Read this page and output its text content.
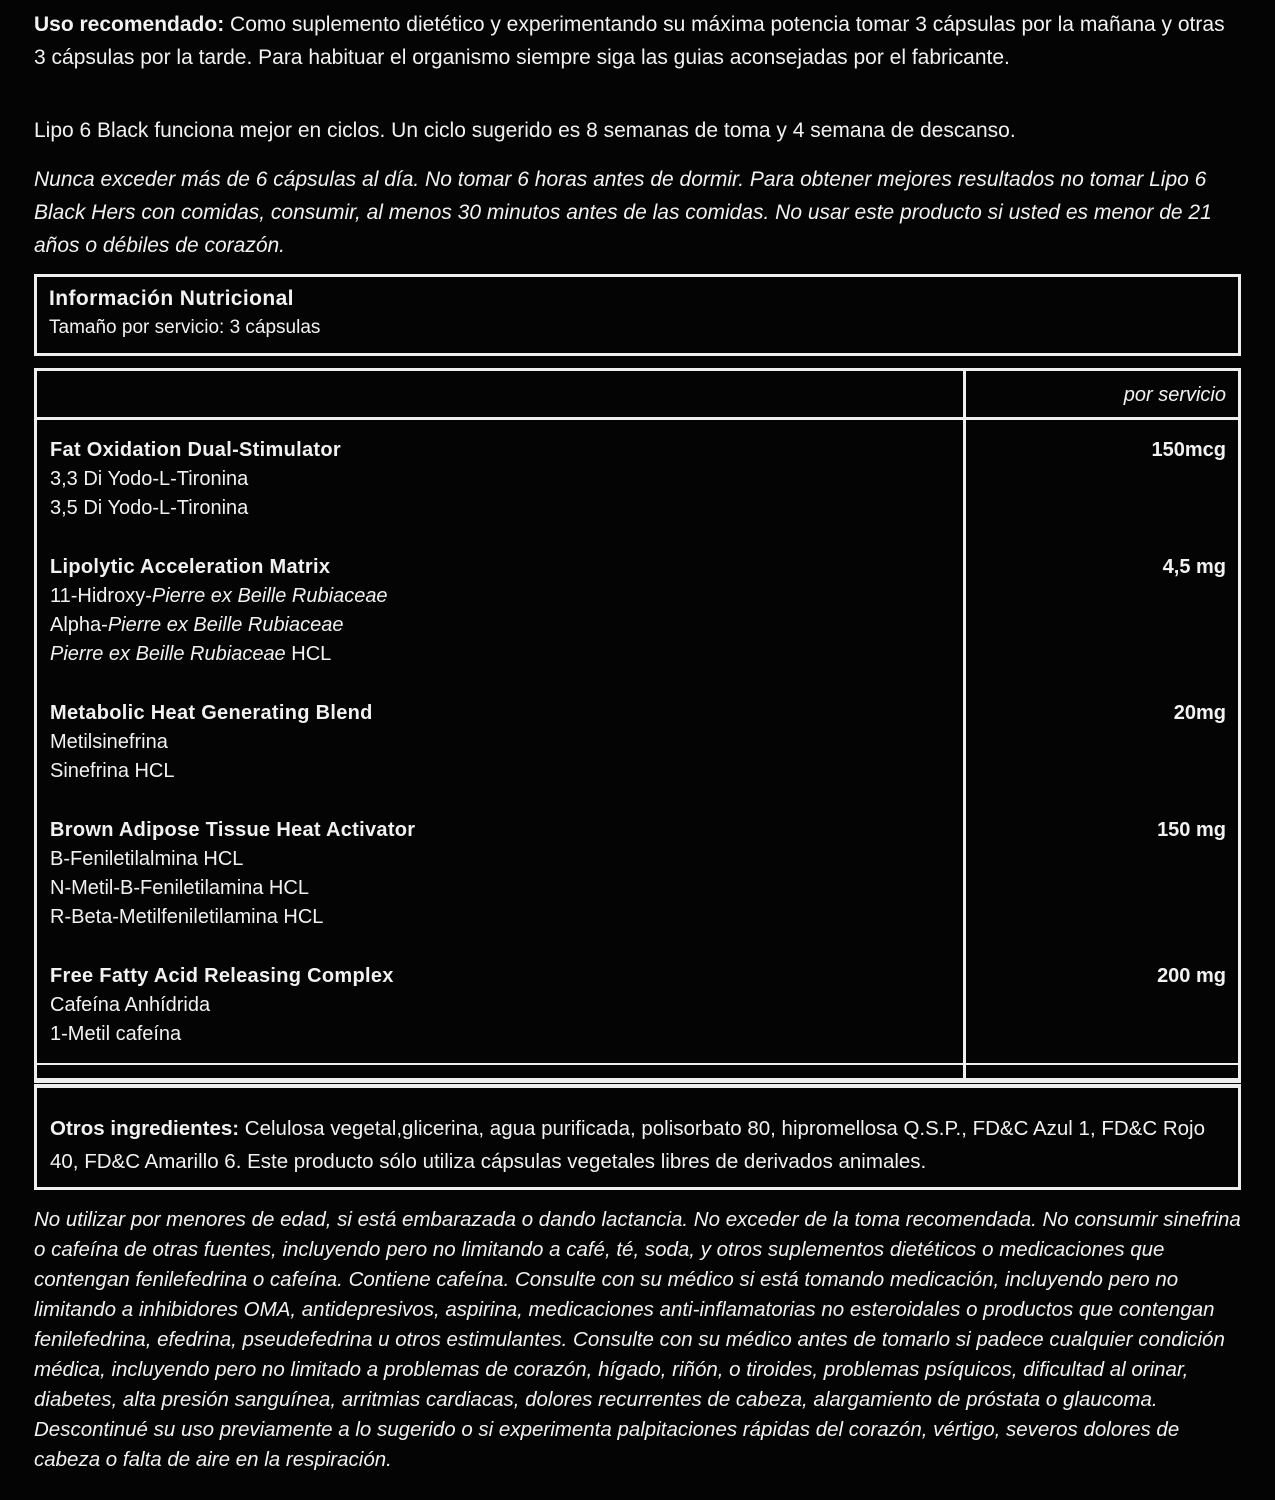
Uso recomendado: Como suplemento dietético y experimentando su máxima potencia tomar 3 cápsulas por la mañana y otras 3 cápsulas por la tarde. Para habituar el organismo siempre siga las guias aconsejadas por el fabricante.

Lipo 6 Black funciona mejor en ciclos. Un ciclo sugerido es 8 semanas de toma y 4 semana de descanso.

Nunca exceder más de 6 cápsulas al día. No tomar 6 horas antes de dormir. Para obtener mejores resultados no tomar Lipo 6 Black Hers con comidas, consumir, al menos 30 minutos antes de las comidas. No usar este producto si usted es menor de 21 años o débiles de corazón.

Información Nutricional
Tamaño por servicio: 3 cápsulas
por servicio
Fat Oxidation Dual-Stimulator
3,3 Di Yodo-L-Tironina
3,5 Di Yodo-L-Tironina
150mcg
Lipolytic Acceleration Matrix
11-Hidroxy-Pierre ex Beille Rubiaceae
Alpha-Pierre ex Beille Rubiaceae
Pierre ex Beille Rubiaceae HCL
4,5 mg
Metabolic Heat Generating Blend
Metilsinefrina
Sinefrina HCL
20mg
Brown Adipose Tissue Heat Activator
B-Feniletilalmina HCL
N-Metil-B-Feniletilamina HCL
R-Beta-Metilfeniletilamina HCL
150 mg
Free Fatty Acid Releasing Complex
Cafeína Anhídrida
1-Metil cafeína
200 mg
Otros ingredientes: Celulosa vegetal,glicerina, agua purificada, polisorbato 80, hipromellosa Q.S.P., FD&C Azul 1, FD&C Rojo 40, FD&C Amarillo 6. Este producto sólo utiliza cápsulas vegetales libres de derivados animales.

No utilizar por menores de edad, si está embarazada o dando lactancia. No exceder de la toma recomendada. No consumir sinefrina o cafeína de otras fuentes, incluyendo pero no limitando a café, té, soda, y otros suplementos dietéticos o medicaciones que contengan fenilefedrina o cafeína. Contiene cafeína. Consulte con su médico si está tomando medicación, incluyendo pero no limitando a inhibidores OMA, antidepresivos, aspirina, medicaciones anti-inflamatorias no esteroidales o productos que contengan fenilefedrina, efedrina, pseudefedrina u otros estimulantes. Consulte con su médico antes de tomarlo si padece cualquier condición médica, incluyendo pero no limitado a problemas de corazón, hígado, riñón, o tiroides, problemas psíquicos, dificultad al orinar, diabetes, alta presión sanguínea, arritmias cardiacas, dolores recurrentes de cabeza, alargamiento de próstata o glaucoma. Descontinué su uso previamente a lo sugerido o si experimenta palpitaciones rápidas del corazón, vértigo, severos dolores de cabeza o falta de aire en la respiración.
